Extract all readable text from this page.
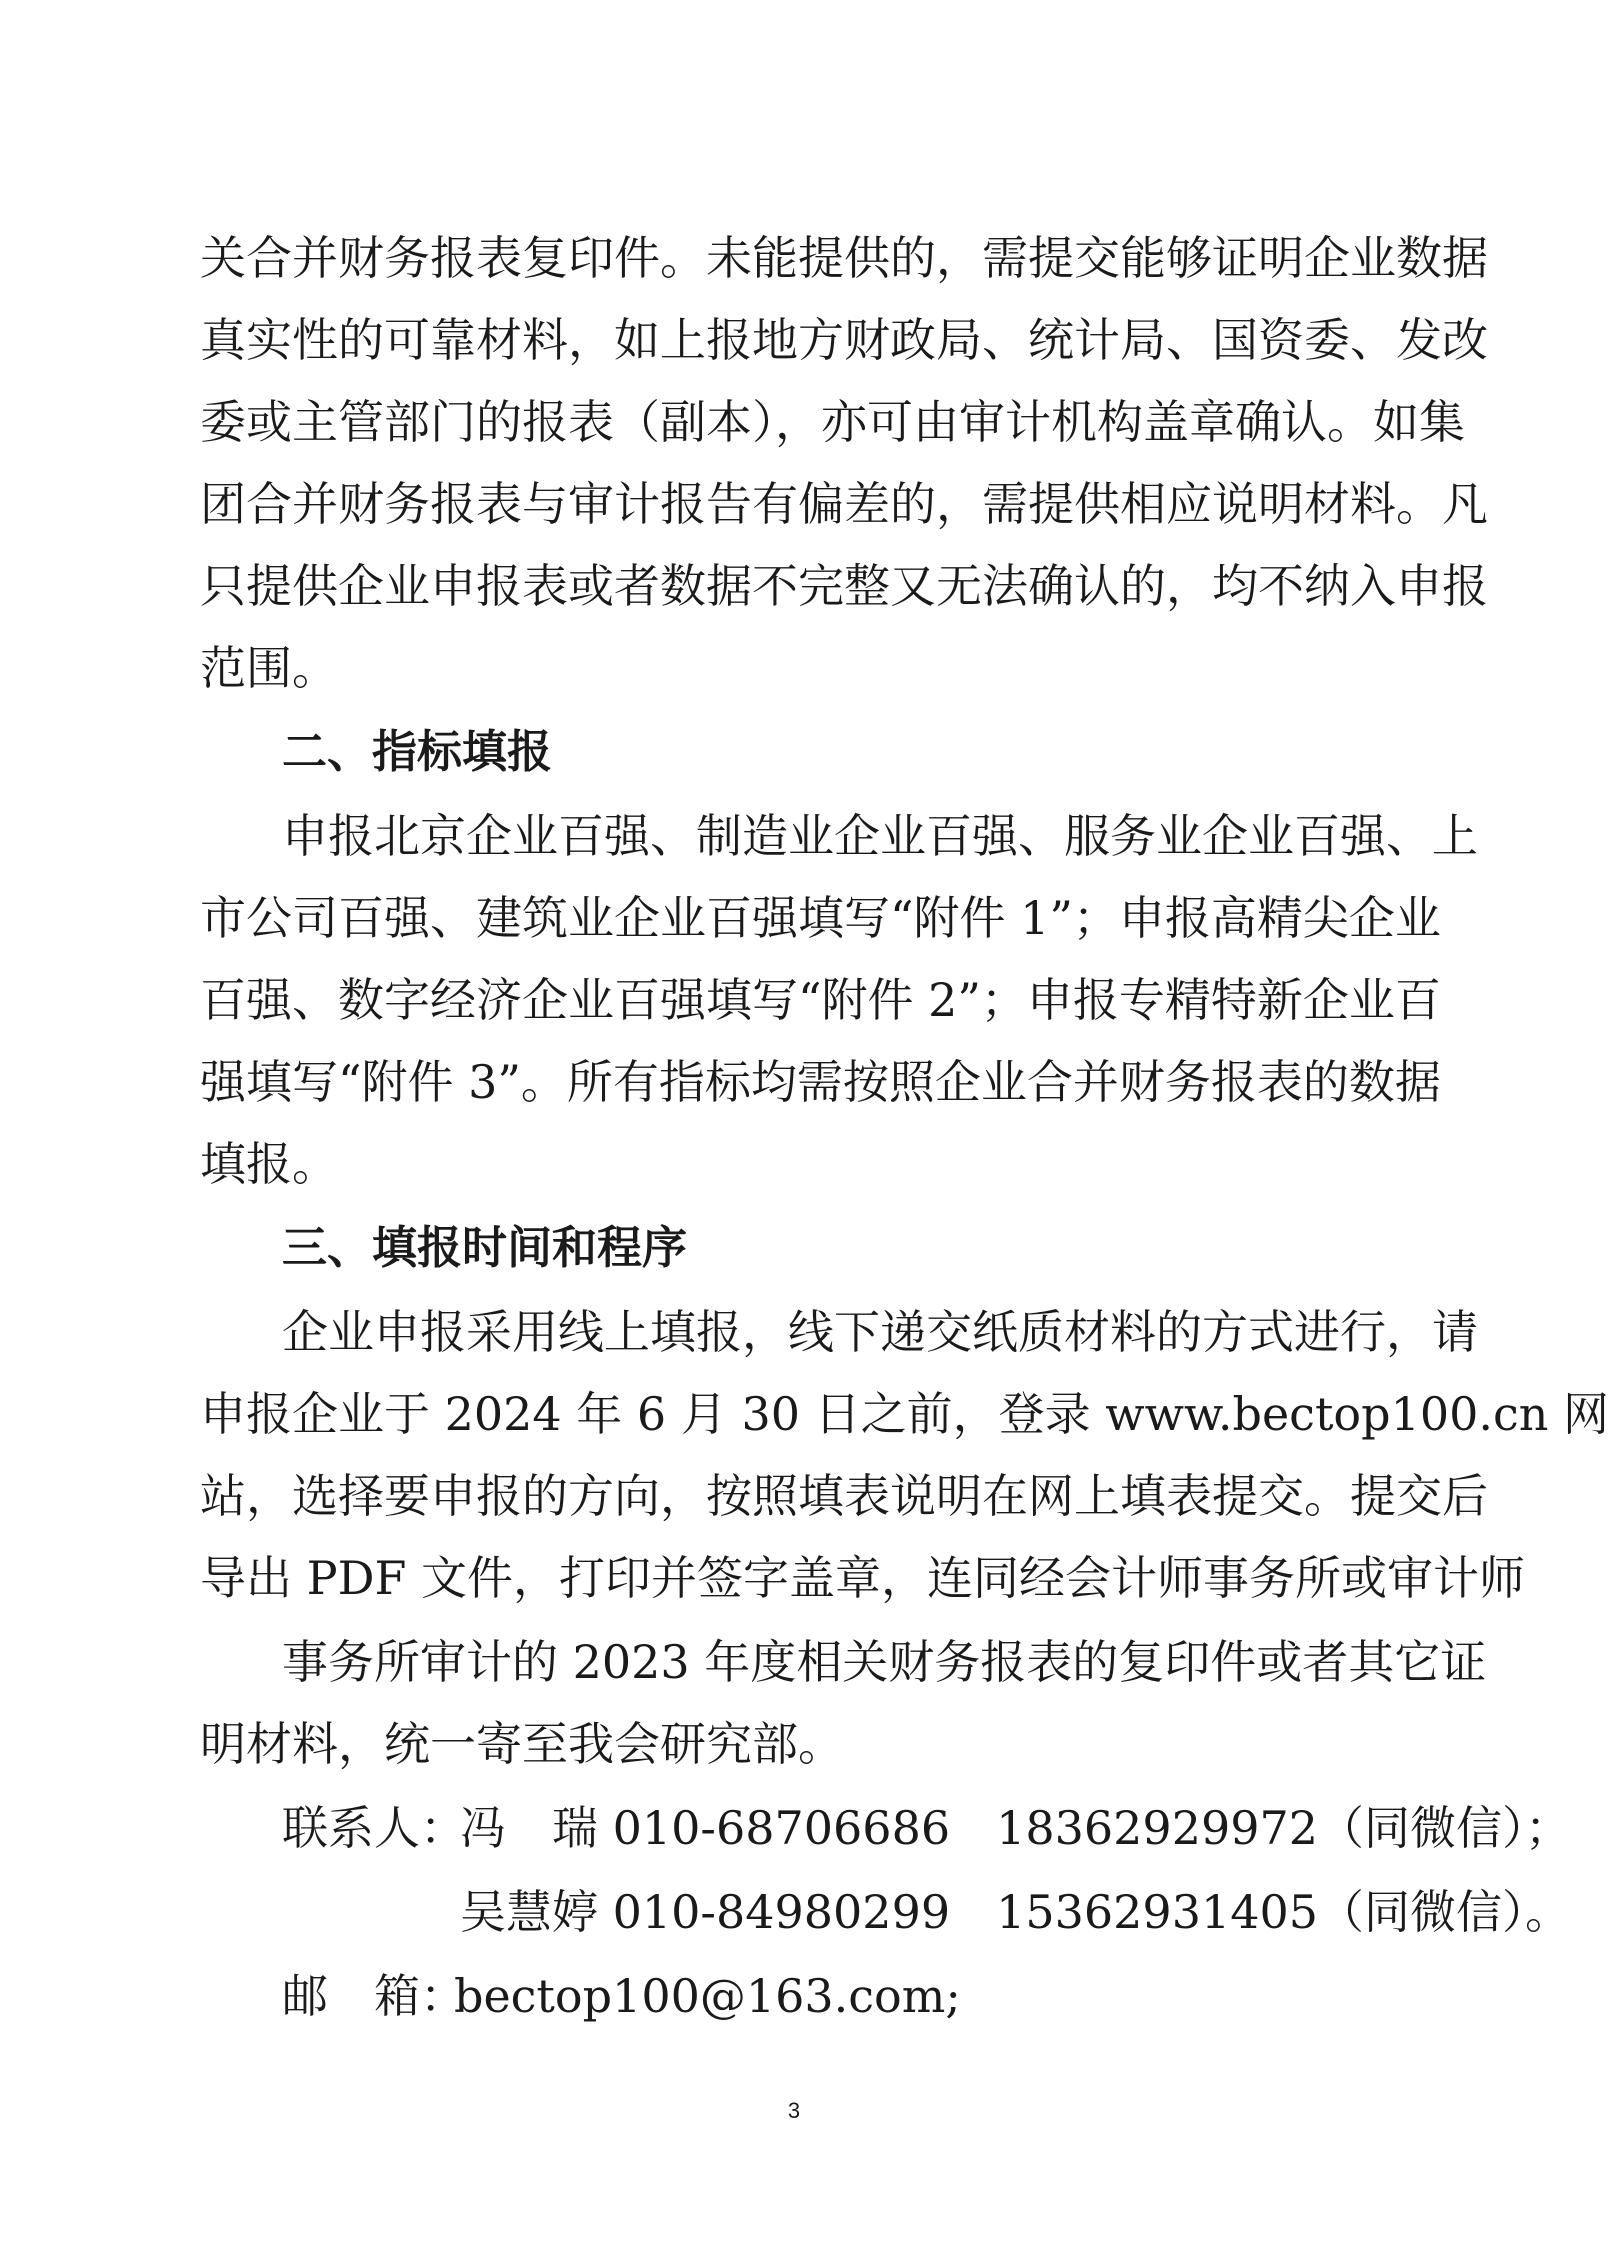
关合并财务报表复印件。未能提供的，需提交能够证明企业数据
真实性的可靠材料，如上报地方财政局、统计局、国资委、发改
委或主管部门的报表（副本），亦可由审计机构盖章确认。如集
团合并财务报表与审计报告有偏差的，需提供相应说明材料。凡
只提供企业申报表或者数据不完整又无法确认的，均不纳入申报
范围。
二、指标填报
申报北京企业百强、制造业企业百强、服务业企业百强、上
市公司百强、建筑业企业百强填写“附件 1”；申报高精尖企业
百强、数字经济企业百强填写“附件 2”；申报专精特新企业百
强填写“附件 3”。所有指标均需按照企业合并财务报表的数据
填报。
三、填报时间和程序
企业申报采用线上填报，线下递交纸质材料的方式进行，请
申报企业于 2024 年 6 月 30 日之前，登录 www.bectop100.cn 网
站，选择要申报的方向，按照填表说明在网上填表提交。提交后
导出 PDF 文件，打印并签字盖章，连同经会计师事务所或审计师
事务所审计的 2023 年度相关财务报表的复印件或者其它证
明材料，统一寄至我会研究部。
联系人：
冯　瑞 010-68706686　18362929972（同微信）；
吴慧婷 010-84980299　15362931405（同微信）。
邮　箱：
bectop100@163.com;
3
